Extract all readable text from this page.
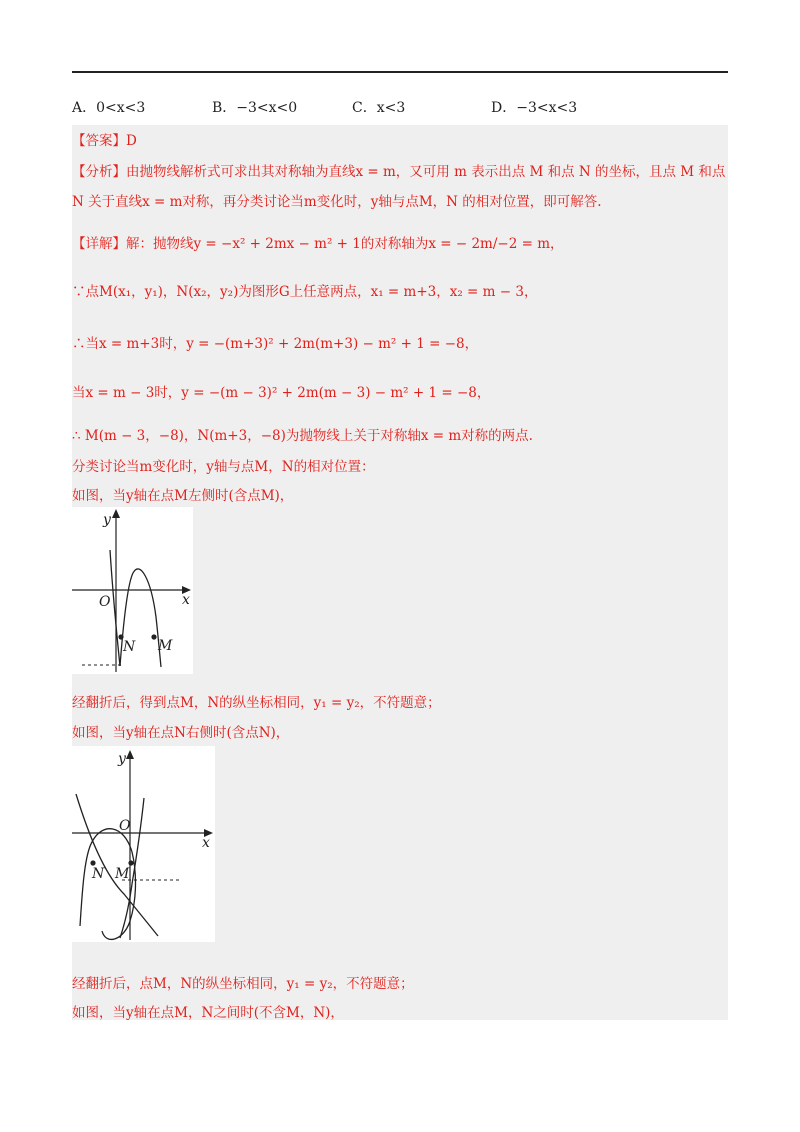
A．0<x<3	B．−3<x<0	C．x<3	D．−3<x<3
【答案】D
【分析】由抛物线解析式可求出其对称轴为直线x = m，又可用 m 表示出点 M 和点 N 的坐标，且点 M 和点
N 关于直线x = m对称，再分类讨论当m变化时，y轴与点M，N 的相对位置，即可解答.
【详解】解：抛物线y = −x² + 2mx − m² + 1的对称轴为x = − 2m/−2 = m，
∵点M(x₁，y₁)，N(x₂，y₂)为图形G上任意两点，x₁ = m+3，x₂ = m − 3，
∴当x = m+3时，y = −(m+3)² + 2m(m+3) − m² + 1 = −8，
当x = m − 3时，y = −(m − 3)² + 2m(m − 3) − m² + 1 = −8，
∴ M(m − 3，−8)，N(m+3，−8)为抛物线上关于对称轴x = m对称的两点.
分类讨论当m变化时，y轴与点M，N的相对位置：
如图，当y轴在点M左侧时(含点M)，
y
x
O
N M
经翻折后，得到点M，N的纵坐标相同，y₁ = y₂，不符题意；
如图，当y轴在点N右侧时(含点N)，
y
x
O
N M
经翻折后，点M，N的纵坐标相同，y₁ = y₂，不符题意；
如图，当y轴在点M，N之间时(不含M，N)，
